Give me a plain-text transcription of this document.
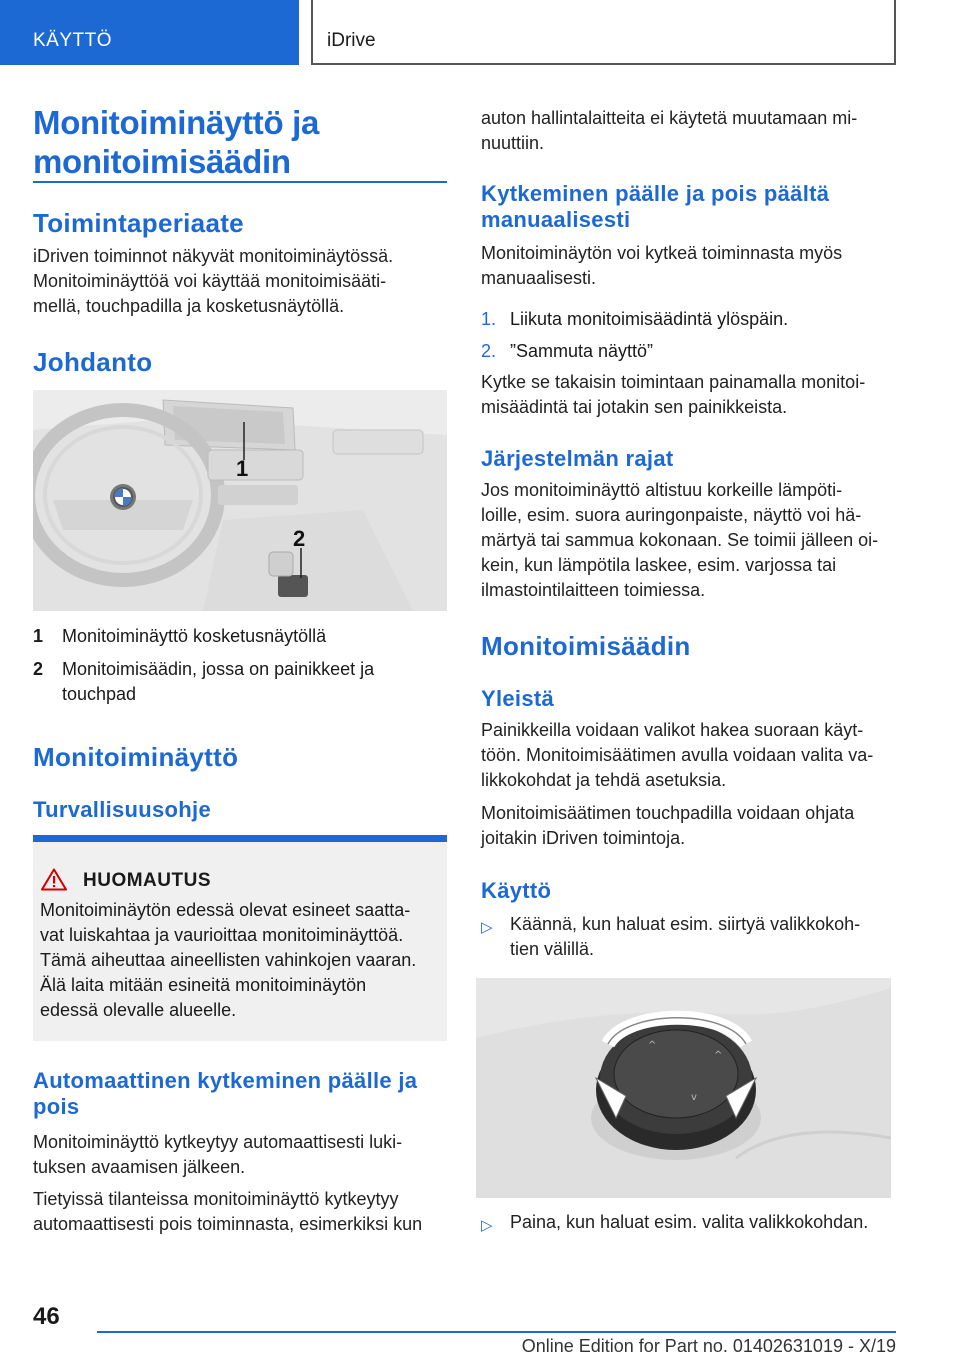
KÄYTTÖ	iDrive
Monitoiminäyttö ja
monitoimisäädin
Toimintaperiaate
iDriven toiminnot näkyvät monitoiminäytössä.
Monitoiminäyttöä voi käyttää monitoimisääti‐
mellä, touchpadilla ja kosketusnäytöllä.
Johdanto
1
2
1 Monitoiminäyttö kosketusnäytöllä
2 Monitoimisäädin, jossa on painikkeet ja
touchpad
Monitoiminäyttö
Turvallisuusohje
HUOMAUTUS
Monitoiminäytön edessä olevat esineet saatta‐
vat luiskahtaa ja vaurioittaa monitoiminäyttöä.
Tämä aiheuttaa aineellisten vahinkojen vaaran.
Älä laita mitään esineitä monitoiminäytön
edessä olevalle alueelle.
Automaattinen kytkeminen päälle ja
pois
Monitoiminäyttö kytkeytyy automaattisesti luki‐
tuksen avaamisen jälkeen.
Tietyissä tilanteissa monitoiminäyttö kytkeytyy
automaattisesti pois toiminnasta, esimerkiksi kun
auton hallintalaitteita ei käytetä muutamaan mi‐
nuuttiin.
Kytkeminen päälle ja pois päältä
manuaalisesti
Monitoiminäytön voi kytkeä toiminnasta myös
manuaalisesti.
1. Liikuta monitoimisäädintä ylöspäin.
2. ”Sammuta näyttö”
Kytke se takaisin toimintaan painamalla monitoi‐
misäädintä tai jotakin sen painikkeista.
Järjestelmän rajat
Jos monitoiminäyttö altistuu korkeille lämpöti‐
loille, esim. suora auringonpaiste, näyttö voi hä‐
märtyä tai sammua kokonaan. Se toimii jälleen oi‐
kein, kun lämpötila laskee, esim. varjossa tai
ilmastointilaitteen toimiessa.
Monitoimisäädin
Yleistä
Painikkeilla voidaan valikot hakea suoraan käyt‐
töön. Monitoimisäätimen avulla voidaan valita va‐
likkokohdat ja tehdä asetuksia.
Monitoimisäätimen touchpadilla voidaan ohjata
joitakin iDriven toimintoja.
Käyttö
▷ Käännä, kun haluat esim. siirtyä valikkokoh‐
tien välillä.
^
^
v
▷ Paina, kun haluat esim. valita valikkokohdan.
46
Online Edition for Part no. 01402631019 - X/19
